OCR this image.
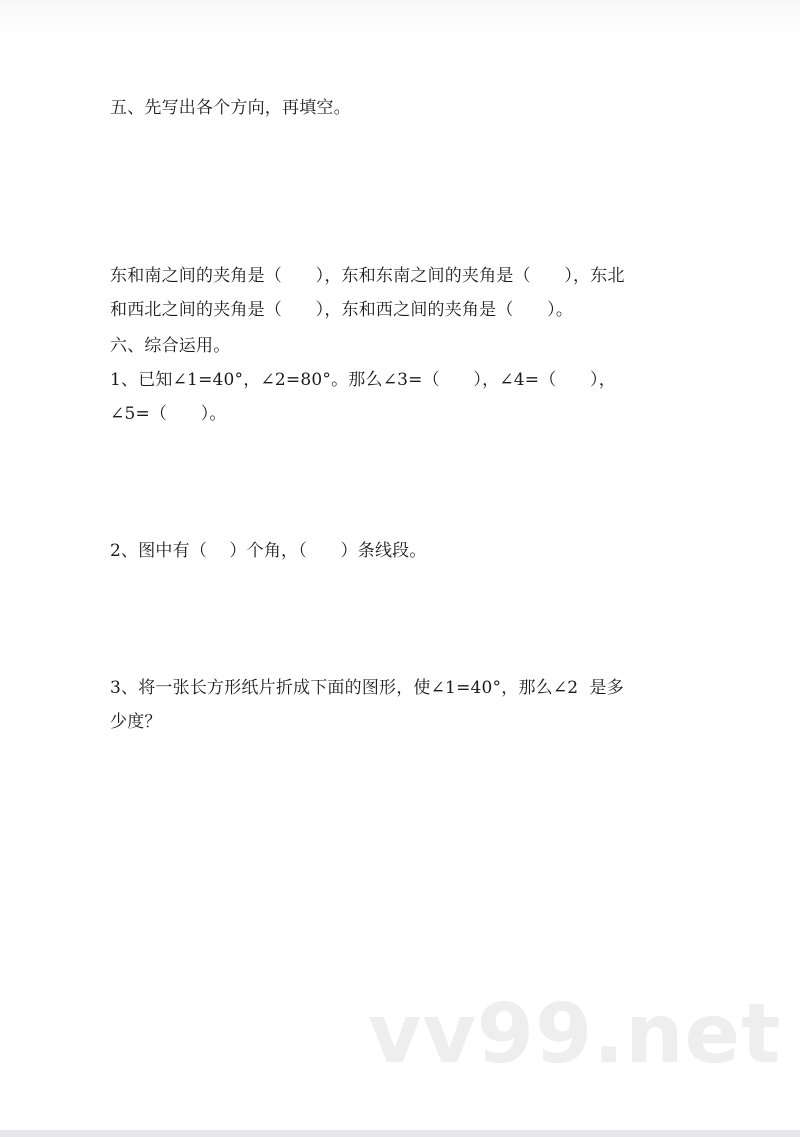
五、先写出各个方向，再填空。
东和南之间的夹角是（      ），东和东南之间的夹角是（      ），东北
和西北之间的夹角是（      ），东和西之间的夹角是（      ）。
六、综合运用。
1、已知∠1=40°，∠2=80°。那么∠3=（      ），∠4=（      ），
∠5=（      ）。
2、图中有（    ）个角，（      ）条线段。
3、将一张长方形纸片折成下面的图形，使∠1=40°，那么∠2  是多
少度？
vv99.net
